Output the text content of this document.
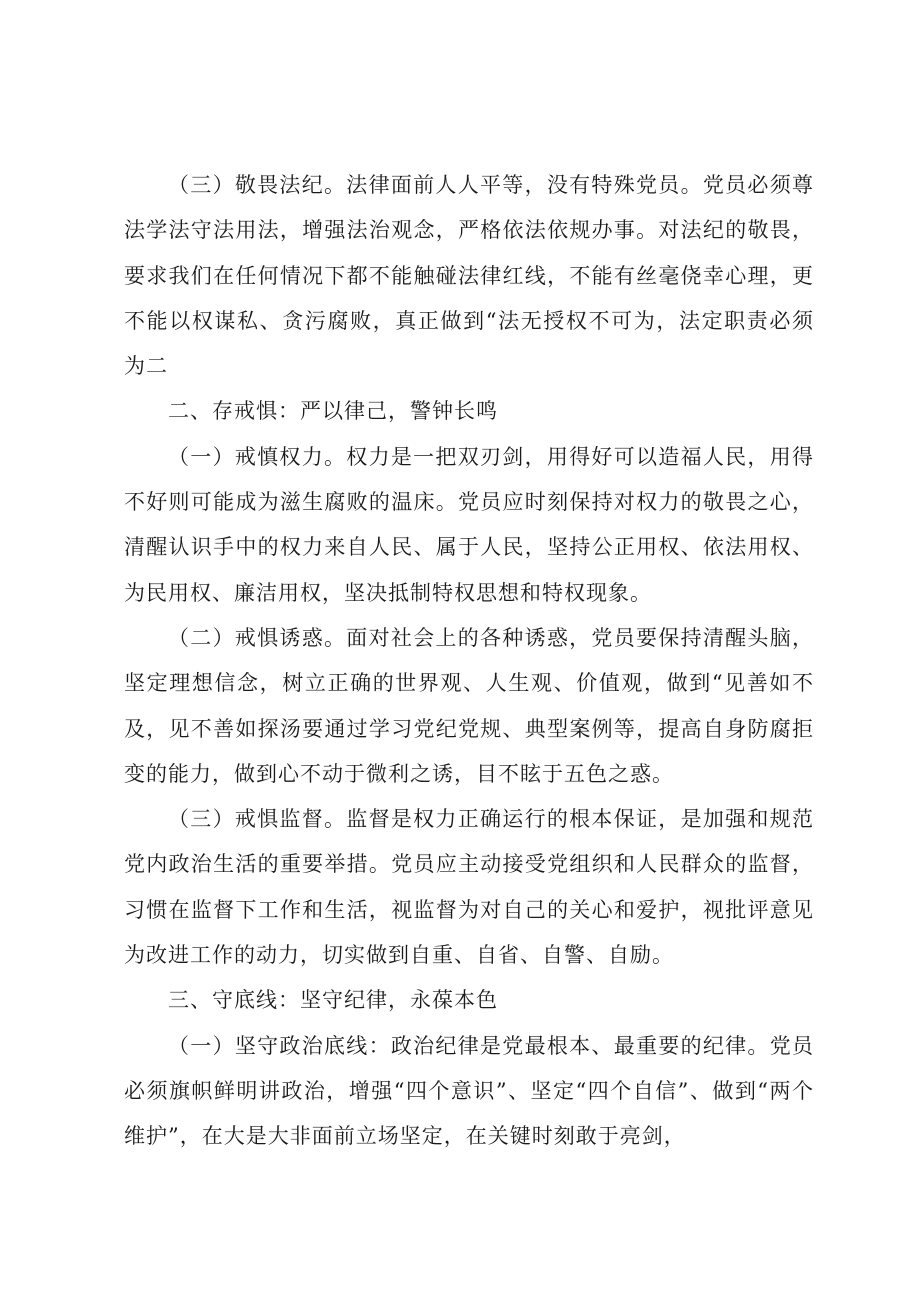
（三）敬畏法纪。法律面前人人平等，没有特殊党员。党员必须尊法学法守法用法，增强法治观念，严格依法依规办事。对法纪的敬畏，要求我们在任何情况下都不能触碰法律红线，不能有丝毫侥幸心理，更不能以权谋私、贪污腐败，真正做到“法无授权不可为，法定职责必须为二

二、存戒惧：严以律己，警钟长鸣

（一）戒慎权力。权力是一把双刃剑，用得好可以造福人民，用得不好则可能成为滋生腐败的温床。党员应时刻保持对权力的敬畏之心，清醒认识手中的权力来自人民、属于人民，坚持公正用权、依法用权、为民用权、廉洁用权，坚决抵制特权思想和特权现象。

（二）戒惧诱惑。面对社会上的各种诱惑，党员要保持清醒头脑，坚定理想信念，树立正确的世界观、人生观、价值观，做到“见善如不及，见不善如探汤要通过学习党纪党规、典型案例等，提高自身防腐拒变的能力，做到心不动于微利之诱，目不眩于五色之惑。

（三）戒惧监督。监督是权力正确运行的根本保证，是加强和规范党内政治生活的重要举措。党员应主动接受党组织和人民群众的监督，习惯在监督下工作和生活，视监督为对自己的关心和爱护，视批评意见为改进工作的动力，切实做到自重、自省、自警、自励。

三、守底线：坚守纪律，永葆本色

（一）坚守政治底线：政治纪律是党最根本、最重要的纪律。党员必须旗帜鲜明讲政治，增强“四个意识”、坚定“四个自信”、做到“两个维护”，在大是大非面前立场坚定，在关键时刻敢于亮剑，
